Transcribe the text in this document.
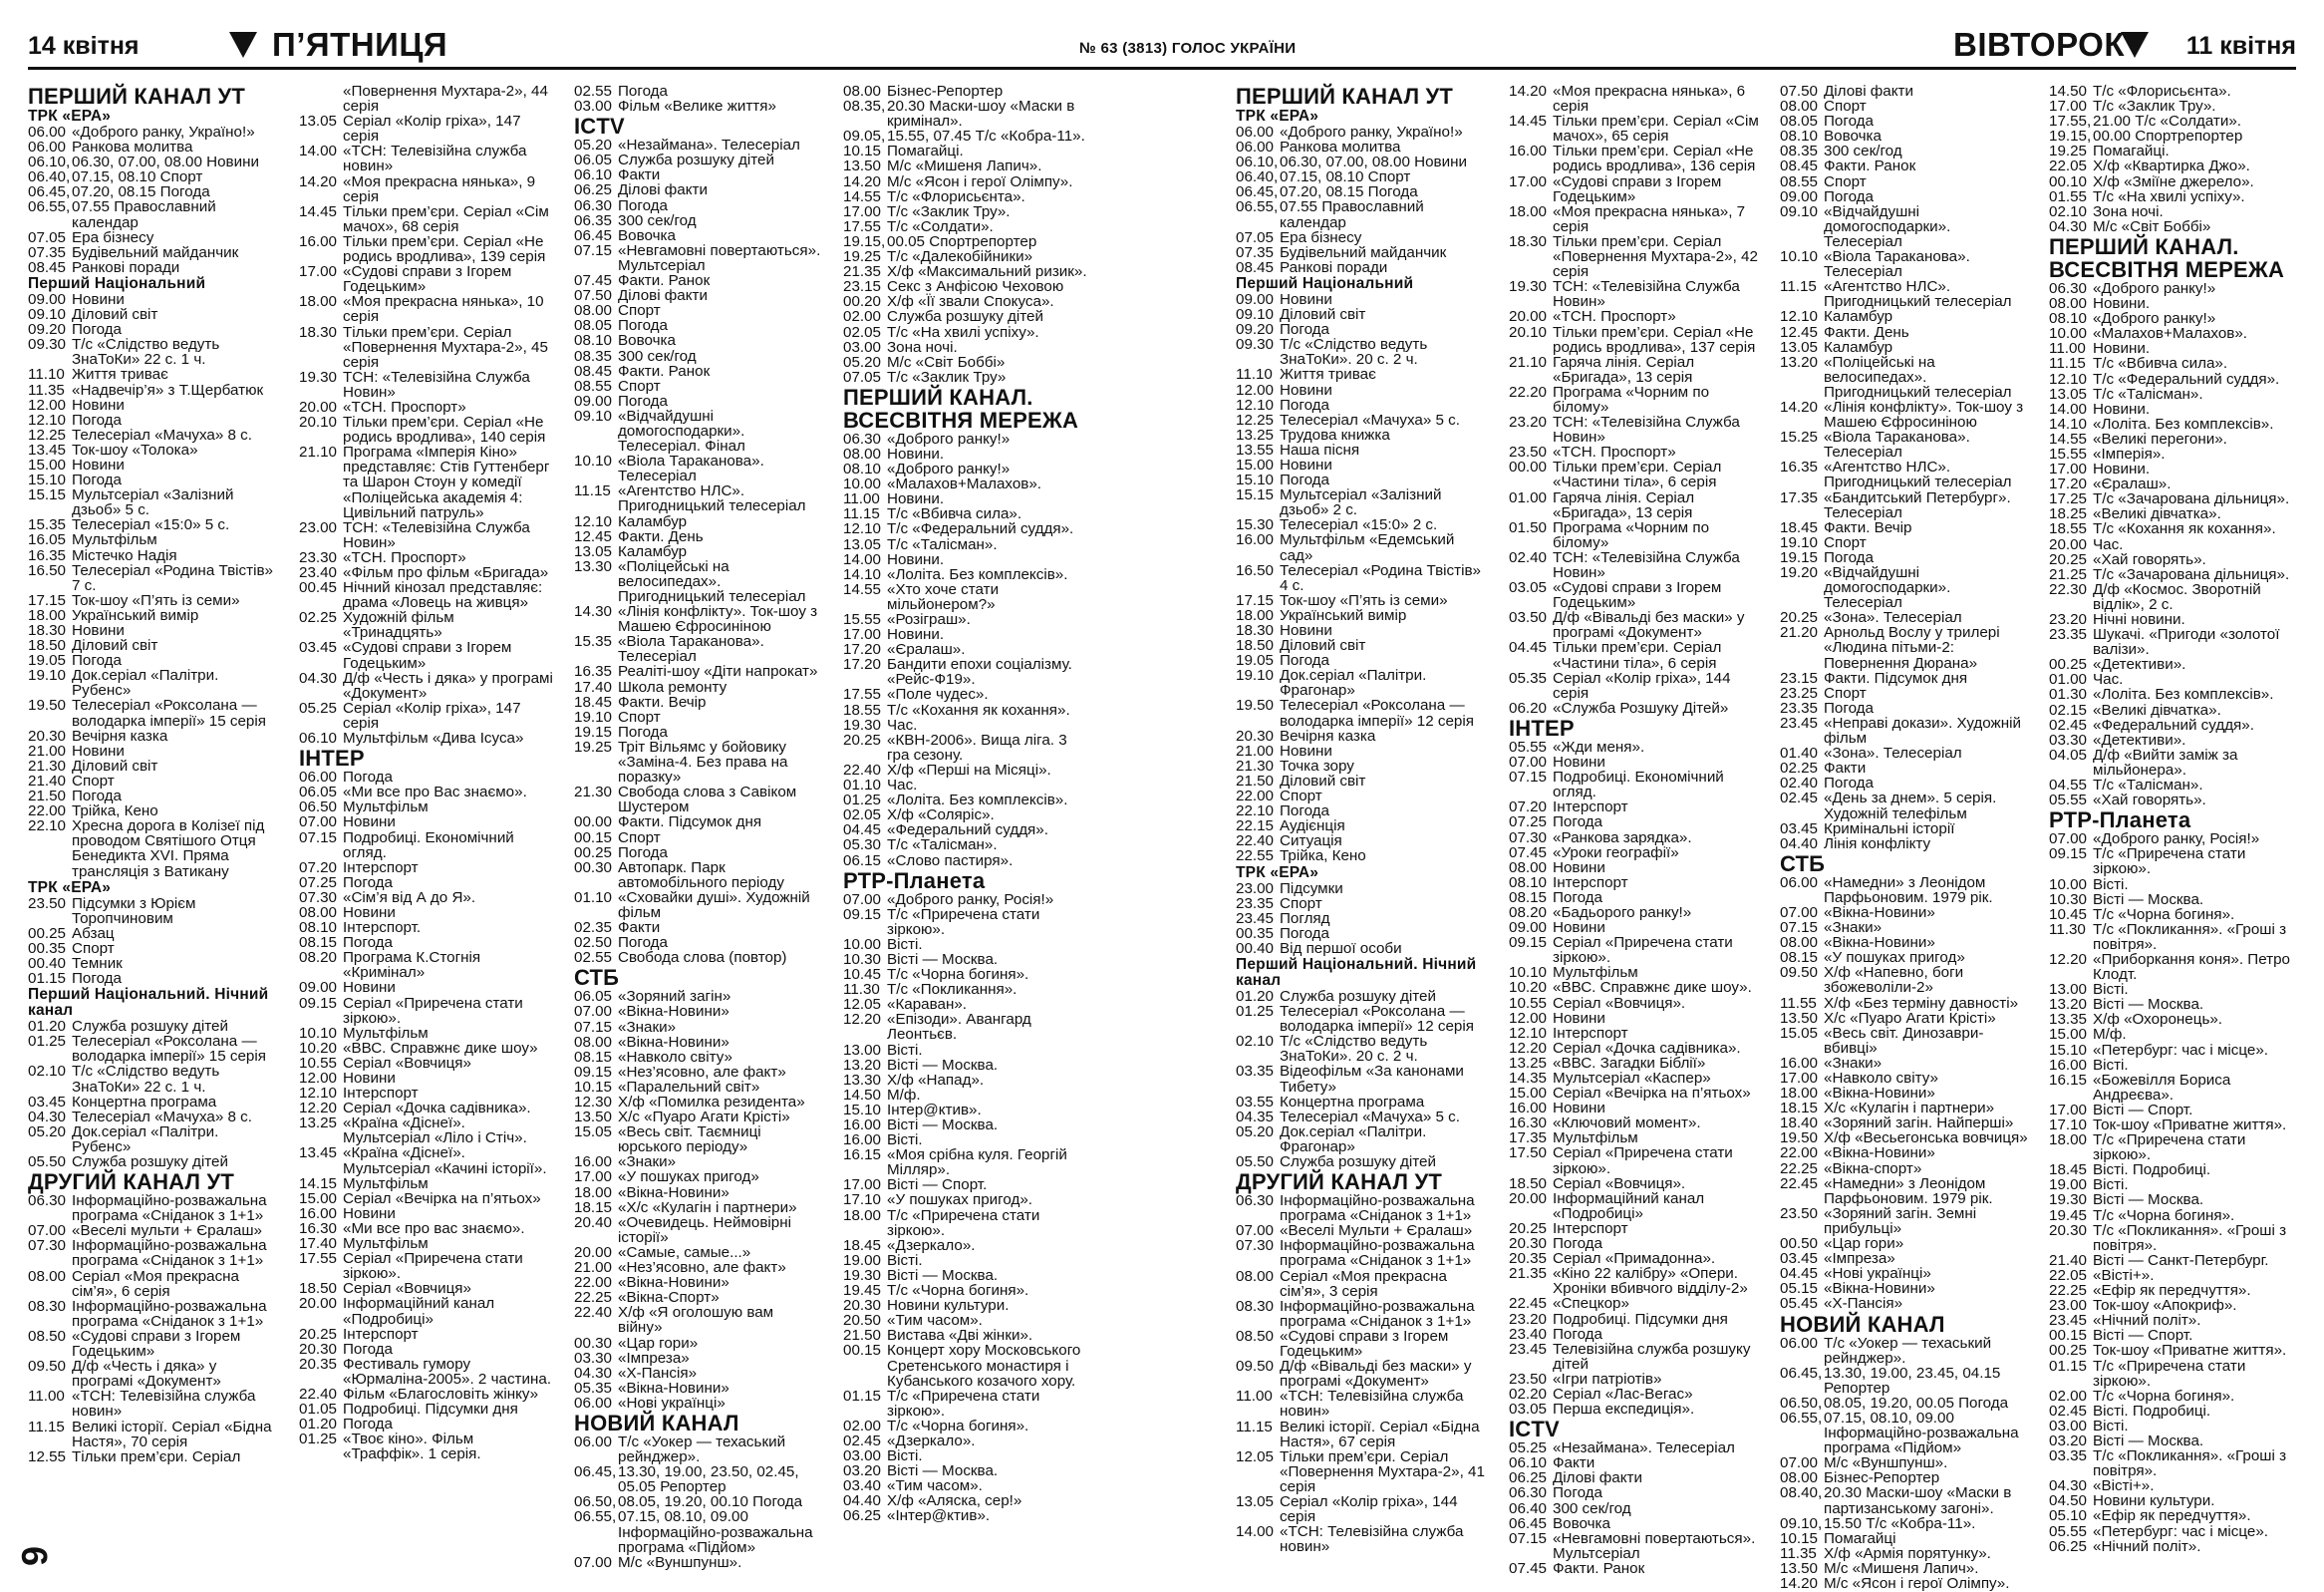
14 квітня	П’ЯТНИЦЯ	№ 63 (3813) ГОЛОС УКРАЇНИ	ВІВТОРОК 11 квітня
ПЕРШИЙ КАНАЛ УТ
ТРК «ЕРА»
06.00 «Доброго ранку, Україно!»
06.00 Ранкова молитва
06.10, 06.30, 07.00, 08.00 Новини
06.40, 07.15, 08.10 Спорт
06.45, 07.20, 08.15 Погода
06.55, 07.55 Православний календар
07.05 Ера бізнесу
07.35 Будівельний майданчик
08.45 Ранкові поради
Перший Національний
09.00 Новини
09.10 Діловий світ
09.20 Погода
09.30 Т/с «Слідство ведуть ЗнаТоКи» 22 с. 1 ч.
11.10 Життя триває
11.35 «Надвечір’я» з Т.Щербатюк
12.00 Новини
12.10 Погода
12.25 Телесеріал «Мачуха» 8 с.
13.45 Ток-шоу «Толока»
15.00 Новини
15.10 Погода
15.15 Мультсеріал «Залізний дзьоб» 5 с.
15.35 Телесеріал «15:0» 5 с.
16.05 Мультфільм
16.35 Містечко Надія
16.50 Телесеріал «Родина Твістів» 7 с.
17.15 Ток-шоу «П’ять із семи»
18.00 Український вимір
18.30 Новини
18.50 Діловий світ
19.05 Погода
19.10 Док.серіал «Палітри. Рубенс»
19.50 Телесеріал «Роксолана — володарка імперії» 15 серія
20.30 Вечірня казка
21.00 Новини
21.30 Діловий світ
21.40 Спорт
21.50 Погода
22.00 Трійка, Кено
22.10 Хресна дорога в Колізеї під проводом Святішого Отця Бенедикта XVI. Пряма трансляція з Ватикану
ТРК «ЕРА»
23.50 Підсумки з Юрієм Торопчиновим
00.25 Абзац
00.35 Спорт
00.40 Темник
01.15 Погода
Перший Національний. Нічний канал
01.20 Служба розшуку дітей
01.25 Телесеріал «Роксолана — володарка імперії» 15 серія
02.10 Т/с «Слідство ведуть ЗнаТоКи» 22 с. 1 ч.
03.45 Концертна програма
04.30 Телесеріал «Мачуха» 8 с.
05.20 Док.серіал «Палітри. Рубенс»
05.50 Служба розшуку дітей
ДРУГИЙ КАНАЛ УТ
06.30 Інформаційно-розважальна програма «Сніданок з 1+1»
07.00 «Веселі мульти + Єралаш»
07.30 Інформаційно-розважальна програма «Сніданок з 1+1»
08.00 Серіал «Моя прекрасна сім’я», 6 серія
08.30 Інформаційно-розважальна програма «Сніданок з 1+1»
08.50 «Судові справи з Ігорем Годецьким»
09.50 Д/ф «Честь і дяка» у програмі «Документ»
11.00 «ТСН: Телевізійна служба новин»
11.15 Великі історії. Серіал «Бідна Настя», 70 серія
12.55 Тільки прем’єри. Серіал
«Повернення Мухтара-2», 44 серія
13.05 Серіал «Колір гріха», 147 серія
14.00 «ТСН: Телевізійна служба новин»
14.20 «Моя прекрасна нянька», 9 серія
14.45 Тільки прем’єри. Серіал «Сім мачох», 68 серія
16.00 Тільки прем’єри. Серіал «Не родись вродлива», 139 серія
17.00 «Судові справи з Ігорем Годецьким»
18.00 «Моя прекрасна нянька», 10 серія
18.30 Тільки прем’єри. Серіал «Повернення Мухтара-2», 45 серія
19.30 ТСН: «Телевізійна Служба Новин»
20.00 «ТСН. Проспорт»
20.10 Тільки прем’єри. Серіал «Не родись вродлива», 140 серія
21.10 Програма «Імперія Кіно» представляє: Стів Гуттенберг та Шарон Стоун у комедії «Поліцейська академія 4: Цивільний патруль»
23.00 ТСН: «Телевізійна Служба Новин»
23.30 «ТСН. Проспорт»
23.40 «Фільм про фільм «Бригада»
00.45 Нічний кінозал представляє: драма «Ловець на живця»
02.25 Художній фільм «Тринадцять»
03.45 «Судові справи з Ігорем Годецьким»
04.30 Д/ф «Честь і дяка» у програмі «Документ»
05.25 Серіал «Колір гріха», 147 серія
06.10 Мультфільм «Дива Ісуса»
ІНТЕР
06.00 Погода
06.05 «Ми все про Вас знаємо».
06.50 Мультфільм
07.00 Новини
07.15 Подробиці. Економічний огляд.
07.20 Інтерспорт
07.25 Погода
07.30 «Сім’я від А до Я».
08.00 Новини
08.10 Інтерспорт.
08.15 Погода
08.20 Програма К.Стогнія «Кримінал»
09.00 Новини
09.15 Серіал «Приречена стати зіркою».
10.10 Мультфільм
10.20 «ВВС. Справжнє дике шоу»
10.55 Серіал «Вовчиця»
12.00 Новини
12.10 Інтерспорт
12.20 Серіал «Дочка садівника».
13.25 «Країна «Діснеї».
Мультсеріал «Ліло і Стіч».
13.45 «Країна «Діснеї». Мультсеріал «Качині історії».
14.15 Мультфільм
15.00 Серіал «Вечірка на п’ятьох»
16.00 Новини
16.30 «Ми все про вас знаємо».
17.40 Мультфільм
17.55 Серіал «Приречена стати зіркою».
18.50 Серіал «Вовчиця»
20.00 Інформаційний канал «Подробиці»
20.25 Інтерспорт
20.30 Погода
20.35 Фестиваль гумору «Юрмаліна-2005». 2 частина.
22.40 Фільм «Благословіть жінку»
01.05 Подробиці. Підсумки дня
01.20 Погода
01.25 «Твоє кіно». Фільм «Траффік». 1 серія.
02.55 Погода
03.00 Фільм «Велике життя»
ICTV
05.20 «Незаймана». Телесеріал
06.05 Служба розшуку дітей
06.10 Факти
06.25 Ділові факти
06.30 Погода
06.35 300 сек/год
06.45 Вовочка
07.15 «Невгамовні повертаються». Мультсеріал
07.45 Факти. Ранок
07.50 Ділові факти
08.00 Спорт
08.05 Погода
08.10 Вовочка
08.35 300 сек/год
08.45 Факти. Ранок
08.55 Спорт
09.00 Погода
09.10 «Відчайдушні домогосподарки». Телесеріал. Фінал
10.10 «Віола Тараканова». Телесеріал
11.15 «Агентство НЛС». Пригодницький телесеріал
12.10 Каламбур
12.45 Факти. День
13.05 Каламбур
13.30 «Поліцейські на велосипедах». Пригодницький телесеріал
14.30 «Лінія конфлікту». Ток-шоу з Машею Єфросиніною
15.35 «Віола Тараканова». Телесеріал
16.35 Реаліті-шоу «Діти напрокат»
17.40 Школа ремонту
18.45 Факти. Вечір
19.10 Спорт
19.15 Погода
19.25 Тріт Вільямс у бойовику «Заміна-4. Без права на поразку»
21.30 Свобода слова з Савіком Шустером
00.00 Факти. Підсумок дня
00.15 Спорт
00.25 Погода
00.30 Автопарк. Парк автомобільного періоду
01.10 «Сховайки душі». Художній фільм
02.35 Факти
02.50 Погода
02.55 Свобода слова (повтор)
СТБ
06.05 «Зоряний загін»
07.00 «Вікна-Новини»
07.15 «Знаки»
08.00 «Вікна-Новини»
08.15 «Навколо світу»
09.15 «Нез’ясовно, але факт»
10.15 «Паралельний світ»
12.30 Х/ф «Помилка резидента»
13.50 Х/с «Пуаро Агати Крісті»
15.05 «Весь світ. Таємниці юрського періоду»
16.00 «Знаки»
17.00 «У пошуках пригод»
18.00 «Вікна-Новини»
18.15 «Х/с «Кулагін і партнери»
20.40 «Очевидець. Неймовірні історії»
20.00 «Самые, самые...»
21.00 «Нез’ясовно, але факт»
22.00 «Вікна-Новини»
22.25 «Вікна-Спорт»
22.40 Х/ф «Я оголошую вам війну»
00.30 «Цар гори»
03.30 «Імпреза»
04.30 «Х-Пансія»
05.35 «Вікна-Новини»
06.00 «Нові українці»
НОВИЙ КАНАЛ
06.00 Т/с «Уокер — техаський рейнджер».
06.45, 13.30, 19.00, 23.50, 02.45, 05.05 Репортер
06.50, 08.05, 19.20, 00.10 Погода
06.55, 07.15, 08.10, 09.00 Інформаційно-розважальна програма «Підйом»
07.00 М/с «Вуншпунш».
08.00 Бізнес-Репортер
08.35, 20.30 Маски-шоу «Маски в кримінал».
09.05, 15.55, 07.45 Т/с «Кобра-11».
10.15 Помагайці.
13.50 М/с «Мишеня Лапич».
14.20 М/с «Ясон і герої Олімпу».
14.55 Т/с «Флорисьєнта».
17.00 Т/с «Заклик Тру».
17.55 Т/с «Солдати».
19.15, 00.05 Спортрепортер
19.25 Т/с «Далекобійники»
21.35 Х/ф «Максимальний ризик».
23.15 Секс з Анфісою Чеховою
00.20 Х/ф «Її звали Спокуса».
02.00 Служба розшуку дітей
02.05 Т/с «На хвилі успіху».
03.00 Зона ночі.
05.20 М/с «Світ Боббі»
07.05 Т/с «Заклик Тру»
ПЕРШИЙ КАНАЛ. ВСЕСВІТНЯ МЕРЕЖА
06.30 «Доброго ранку!»
08.00 Новини.
08.10 «Доброго ранку!»
10.00 «Малахов+Малахов».
11.00 Новини.
11.15 Т/с «Вбивча сила».
12.10 Т/с «Федеральний суддя».
13.05 Т/с «Талісман».
14.00 Новини.
14.10 «Лоліта. Без комплексів».
14.55 «Хто хоче стати мільйонером?»
15.55 «Розіграш».
17.00 Новини.
17.20 «Єралаш».
17.20 Бандити епохи соціалізму. «Рейс-Ф19».
17.55 «Поле чудес».
18.55 Т/с «Кохання як кохання».
19.30 Час.
20.25 «КВН-2006». Вища ліга. 3 гра сезону.
22.40 Х/ф «Перші на Місяці».
01.10 Час.
01.25 «Лоліта. Без комплексів».
02.05 Х/ф «Соляріс».
04.45 «Федеральний суддя».
05.30 Т/с «Талісман».
06.15 «Слово пастиря».
РТР-Планета
07.00 «Доброго ранку, Росія!»
09.15 Т/с «Приречена стати зіркою».
10.00 Вісті.
10.30 Вісті — Москва.
10.45 Т/с «Чорна богиня».
11.30 Т/с «Покликання».
12.05 «Караван».
12.20 «Епізоди». Авангард Леонтьєв.
13.00 Вісті.
13.20 Вісті — Москва.
13.30 Х/ф «Напад».
14.50 М/ф.
15.10 Інтер@ктив».
16.00 Вісті — Москва.
16.00 Вісті.
16.15 «Моя срібна куля. Георгій Мілляр».
17.00 Вісті — Спорт.
17.10 «У пошуках пригод».
18.00 Т/с «Приречена стати зіркою».
18.45 «Дзеркало».
19.00 Вісті.
19.30 Вісті — Москва.
19.45 Т/с «Чорна богиня».
20.30 Новини культури.
20.50 «Тим часом».
21.50 Вистава «Дві жінки».
00.15 Концерт хору Московського Сретенського монастиря і Кубанського козачого хору.
01.15 Т/с «Приречена стати зіркою».
02.00 Т/с «Чорна богиня».
02.45 «Дзеркало».
03.00 Вісті.
03.20 Вісті — Москва.
03.40 «Тим часом».
04.40 Х/ф «Аляска, сер!»
06.25 «Інтер@ктив».
ПЕРШИЙ КАНАЛ УТ
ТРК «ЕРА»
06.00 «Доброго ранку, Україно!»
06.00 Ранкова молитва
06.10, 06.30, 07.00, 08.00 Новини
06.40, 07.15, 08.10 Спорт
06.45, 07.20, 08.15 Погода
06.55, 07.55 Православний календар
07.05 Ера бізнесу
07.35 Будівельний майданчик
08.45 Ранкові поради
Перший Національний
09.00 Новини
09.10 Діловий світ
09.20 Погода
09.30 Т/с «Слідство ведуть ЗнаТоКи». 20 с. 2 ч.
11.10 Життя триває
12.00 Новини
12.10 Погода
12.25 Телесеріал «Мачуха» 5 с.
13.25 Трудова книжка
13.55 Наша пісня
15.00 Новини
15.10 Погода
15.15 Мультсеріал «Залізний дзьоб» 2 с.
15.30 Телесеріал «15:0» 2 с.
16.00 Мультфільм «Едемський сад»
16.50 Телесеріал «Родина Твістів» 4 с.
17.15 Ток-шоу «П’ять із семи»
18.00 Український вимір
18.30 Новини
18.50 Діловий світ
19.05 Погода
19.10 Док.серіал «Палітри. Фрагонар»
19.50 Телесеріал «Роксолана — володарка імперії» 12 серія
20.30 Вечірня казка
21.00 Новини
21.30 Точка зору
21.50 Діловий світ
22.00 Спорт
22.10 Погода
22.15 Аудієнція
22.40 Ситуація
22.55 Трійка, Кено
ТРК «ЕРА»
23.00 Підсумки
23.35 Спорт
23.45 Погляд
00.35 Погода
00.40 Від першої особи
Перший Національний. Нічний канал
01.20 Служба розшуку дітей
01.25 Телесеріал «Роксолана — володарка імперії» 12 серія
02.10 Т/с «Слідство ведуть ЗнаТоКи». 20 с. 2 ч.
03.35 Відеофільм «За канонами Тибету»
03.55 Концертна програма
04.35 Телесеріал «Мачуха» 5 с.
05.20 Док.серіал «Палітри. Фрагонар»
05.50 Служба розшуку дітей
ДРУГИЙ КАНАЛ УТ
06.30 Інформаційно-розважальна програма «Сніданок з 1+1»
07.00 «Веселі Мульти + Єралаш»
07.30 Інформаційно-розважальна програма «Сніданок з 1+1»
08.00 Серіал «Моя прекрасна сім’я», 3 серія
08.30 Інформаційно-розважальна програма «Сніданок з 1+1»
08.50 «Судові справи з Ігорем Годецьким»
09.50 Д/ф «Вівальді без маски» у програмі «Документ»
11.00 «ТСН: Телевізійна служба новин»
11.15 Великі історії. Серіал «Бідна Настя», 67 серія
12.05 Тільки прем’єри. Серіал «Повернення Мухтара-2», 41 серія
13.05 Серіал «Колір гріха», 144 серія
14.00 «ТСН: Телевізійна служба новин»
14.20 «Моя прекрасна нянька», 6 серія
14.45 Тільки прем’єри. Серіал «Сім мачох», 65 серія
16.00 Тільки прем’єри. Серіал «Не родись вродлива», 136 серія
17.00 «Судові справи з Ігорем Годецьким»
18.00 «Моя прекрасна нянька», 7 серія
18.30 Тільки прем’єри. Серіал «Повернення Мухтара-2», 42 серія
19.30 ТСН: «Телевізійна Служба Новин»
20.00 «ТСН. Проспорт»
20.10 Тільки прем’єри. Серіал «Не родись вродлива», 137 серія
21.10 Гаряча лінія. Серіал «Бригада», 13 серія
22.20 Програма «Чорним по білому»
23.20 ТСН: «Телевізійна Служба Новин»
23.50 «ТСН. Проспорт»
00.00 Тільки прем’єри. Серіал «Частини тіла», 6 серія
01.00 Гаряча лінія. Серіал «Бригада», 13 серія
01.50 Програма «Чорним по білому»
02.40 ТСН: «Телевізійна Служба Новин»
03.05 «Судові справи з Ігорем Годецьким»
03.50 Д/ф «Вівальді без маски» у програмі «Документ»
04.45 Тільки прем’єри. Серіал «Частини тіла», 6 серія
05.35 Серіал «Колір гріха», 144 серія
06.20 «Служба Розшуку Дітей»
ІНТЕР
05.55 «Жди меня».
07.00 Новини
07.15 Подробиці. Економічний огляд.
07.20 Інтерспорт
07.25 Погода
07.30 «Ранкова зарядка».
07.45 «Уроки географії»
08.00 Новини
08.10 Інтерспорт
08.15 Погода
08.20 «Бадьорого ранку!»
09.00 Новини
09.15 Серіал «Приречена стати зіркою».
10.10 Мультфільм
10.20 «ВВС. Справжнє дике шоу».
10.55 Серіал «Вовчиця».
12.00 Новини
12.10 Інтерспорт
12.20 Серіал «Дочка садівника».
13.25 «ВВС. Загадки Біблії»
14.35 Мультсеріал «Каспер»
15.00 Серіал «Вечірка на п’ятьох»
16.00 Новини
16.30 «Ключовий момент».
17.35 Мультфільм
17.50 Серіал «Приречена стати зіркою».
18.50 Серіал «Вовчиця».
20.00 Інформаційний канал «Подробиці»
20.25 Інтерспорт
20.30 Погода
20.35 Серіал «Примадонна».
21.35 «Кіно 22 калібру» «Опери. Хроніки вбивчого відділу-2»
22.45 «Спецкор»
23.20 Подробиці. Підсумки дня
23.40 Погода
23.45 Телевізійна служба розшуку дітей
23.50 «Ігри патріотів»
02.20 Серіал «Лас-Вегас»
03.05 Перша експедиція».
ICTV
05.25 «Незаймана». Телесеріал
06.10 Факти
06.25 Ділові факти
06.30 Погода
06.40 300 сек/год
06.45 Вовочка
07.15 «Невгамовні повертаються». Мультсеріал
07.45 Факти. Ранок
07.50 Ділові факти
08.00 Спорт
08.05 Погода
08.10 Вовочка
08.35 300 сек/год
08.45 Факти. Ранок
08.55 Спорт
09.00 Погода
09.10 «Відчайдушні домогосподарки». Телесеріал
10.10 «Віола Тараканова». Телесеріал
11.15 «Агентство НЛС». Пригодницький телесеріал
12.10 Каламбур
12.45 Факти. День
13.05 Каламбур
13.20 «Поліцейські на велосипедах». Пригодницький телесеріал
14.20 «Лінія конфлікту». Ток-шоу з Машею Єфросиніною
15.25 «Віола Тараканова». Телесеріал
16.35 «Агентство НЛС». Пригодницький телесеріал
17.35 «Бандитський Петербург». Телесеріал
18.45 Факти. Вечір
19.10 Спорт
19.15 Погода
19.20 «Відчайдушні домогосподарки». Телесеріал
20.25 «Зона». Телесеріал
21.20 Арнольд Вослу у трилері «Людина пітьми-2: Повернення Дюрана»
23.15 Факти. Підсумок дня
23.25 Спорт
23.35 Погода
23.45 «Неправі докази». Художній фільм
01.40 «Зона». Телесеріал
02.25 Факти
02.40 Погода
02.45 «День за днем». 5 серія. Художній телефільм
03.45 Кримінальні історії
04.40 Лінія конфлікту
СТБ
06.00 «Намедни» з Леонідом Парфьоновим. 1979 рік.
07.00 «Вікна-Новини»
07.15 «Знаки»
08.00 «Вікна-Новини»
08.15 «У пошуках пригод»
09.50 Х/ф «Напевно, боги збожеволіли-2»
11.55 Х/ф «Без терміну давності»
13.50 Х/с «Пуаро Агати Крісті»
15.05 «Весь світ. Динозаври-вбивці»
16.00 «Знаки»
17.00 «Навколо світу»
18.00 «Вікна-Новини»
18.15 Х/с «Кулагін і партнери»
18.40 «Зоряний загін. Найперші»
19.50 Х/ф «Весьегонська вовчиця»
22.00 «Вікна-Новини»
22.25 «Вікна-спорт»
22.45 «Намедни» з Леонідом Парфьоновим. 1979 рік.
23.50 «Зоряний загін. Земні прибульці»
00.50 «Цар гори»
03.45 «Імпреза»
04.45 «Нові українці»
05.15 «Вікна-Новини»
05.45 «Х-Пансія»
НОВИЙ КАНАЛ
06.00 Т/с «Уокер — техаський рейнджер».
06.45, 13.30, 19.00, 23.45, 04.15 Репортер
06.50, 08.05, 19.20, 00.05 Погода
06.55, 07.15, 08.10, 09.00 Інформаційно-розважальна програма «Підйом»
07.00 М/с «Вуншпунш».
08.00 Бізнес-Репортер
08.40, 20.30 Маски-шоу «Маски в партизанському загоні».
09.10, 15.50 Т/с «Кобра-11».
10.15 Помагайці
11.35 Х/ф «Армія порятунку».
13.50 М/с «Мишеня Лапич».
14.20 М/с «Ясон і герої Олімпу».
14.50 Т/с «Флорисьєнта».
17.00 Т/с «Заклик Тру».
17.55, 21.00 Т/с «Солдати».
19.15, 00.00 Спортрепортер
19.25 Помагайці.
22.05 Х/ф «Квартирка Джо».
00.10 Х/ф «Зміїне джерело».
01.55 Т/с «На хвилі успіху».
02.10 Зона ночі.
04.30 М/с «Світ Боббі»
ПЕРШИЙ КАНАЛ. ВСЕСВІТНЯ МЕРЕЖА
06.30 «Доброго ранку!»
08.00 Новини.
08.10 «Доброго ранку!»
10.00 «Малахов+Малахов».
11.00 Новини.
11.15 Т/с «Вбивча сила».
12.10 Т/с «Федеральний суддя».
13.05 Т/с «Талісман».
14.00 Новини.
14.10 «Лоліта. Без комплексів».
14.55 «Великі перегони».
15.55 «Імперія».
17.00 Новини.
17.20 «Єралаш».
17.25 Т/с «Зачарована дільниця».
18.25 «Великі дівчатка».
18.55 Т/с «Кохання як кохання».
20.00 Час.
20.25 «Хай говорять».
21.25 Т/с «Зачарована дільниця».
22.30 Д/ф «Космос. Зворотній відлік», 2 с.
23.20 Нічні новини.
23.35 Шукачі. «Пригоди «золотої валізи».
00.25 «Детективи».
01.00 Час.
01.30 «Лоліта. Без комплексів».
02.15 «Великі дівчатка».
02.45 «Федеральний суддя».
03.30 «Детективи».
04.05 Д/ф «Вийти заміж за мільйонера».
04.55 Т/с «Талісман».
05.55 «Хай говорять».
РТР-Планета
07.00 «Доброго ранку, Росія!»
09.15 Т/с «Приречена стати зіркою».
10.00 Вісті.
10.30 Вісті — Москва.
10.45 Т/с «Чорна богиня».
11.30 Т/с «Покликання». «Гроші з повітря».
12.20 «Приборкання коня». Петро Клодт.
13.00 Вісті.
13.20 Вісті — Москва.
13.35 Х/ф «Охоронець».
15.00 М/ф.
15.10 «Петербург: час і місце».
16.00 Вісті.
16.15 «Божевілля Бориса Андреєва».
17.00 Вісті — Спорт.
17.10 Ток-шоу «Приватне життя».
18.00 Т/с «Приречена стати зіркою».
18.45 Вісті. Подробиці.
19.00 Вісті.
19.30 Вісті — Москва.
19.45 Т/с «Чорна богиня».
20.30 Т/с «Покликання». «Гроші з повітря».
21.40 Вісті — Санкт-Петербург.
22.05 «Вісті+».
22.25 «Ефір як передчуття».
23.00 Ток-шоу «Апокриф».
23.45 «Нічний політ».
00.15 Вісті — Спорт.
00.25 Ток-шоу «Приватне життя».
01.15 Т/с «Приречена стати зіркою».
02.00 Т/с «Чорна богиня».
02.45 Вісті. Подробиці.
03.00 Вісті.
03.20 Вісті — Москва.
03.35 Т/с «Покликання». «Гроші з повітря».
04.30 «Вісті+».
04.50 Новини культури.
05.10 «Ефір як передчуття».
05.55 «Петербург: час і місце».
06.25 «Нічний політ».
6
